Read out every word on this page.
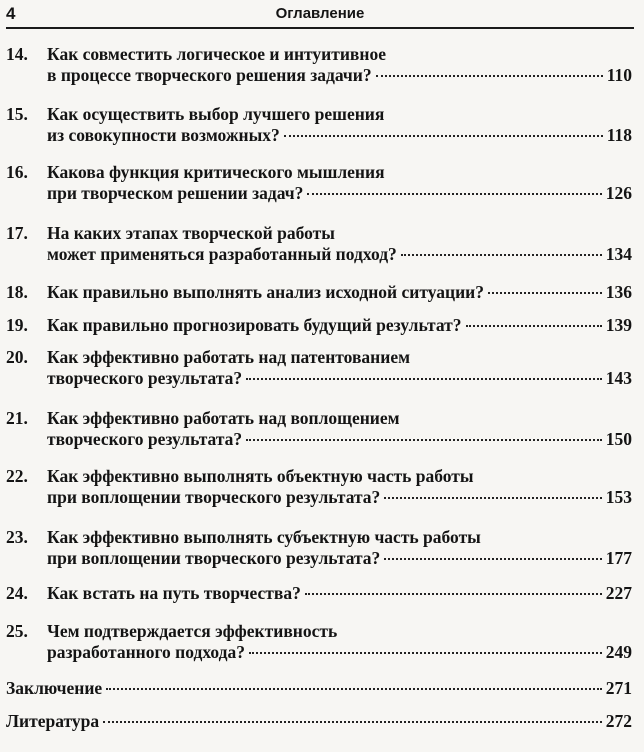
4	Оглавление
14. Как совместить логическое и интуитивное
в процессе творческого решения задачи?	110
15. Как осуществить выбор лучшего решения
из совокупности возможных?	118
16. Какова функция критического мышления
при творческом решении задач?	126
17. На каких этапах творческой работы
может применяться разработанный подход?	134
18. Как правильно выполнять анализ исходной ситуации?	136
19. Как правильно прогнозировать будущий результат?	139
20. Как эффективно работать над патентованием
творческого результата?	143
21. Как эффективно работать над воплощением
творческого результата?	150
22. Как эффективно выполнять объектную часть работы
при воплощении творческого результата?	153
23. Как эффективно выполнять субъектную часть работы
при воплощении творческого результата?	177
24. Как встать на путь творчества?	227
25. Чем подтверждается эффективность
разработанного подхода?	249
Заключение	271
Литература	272
